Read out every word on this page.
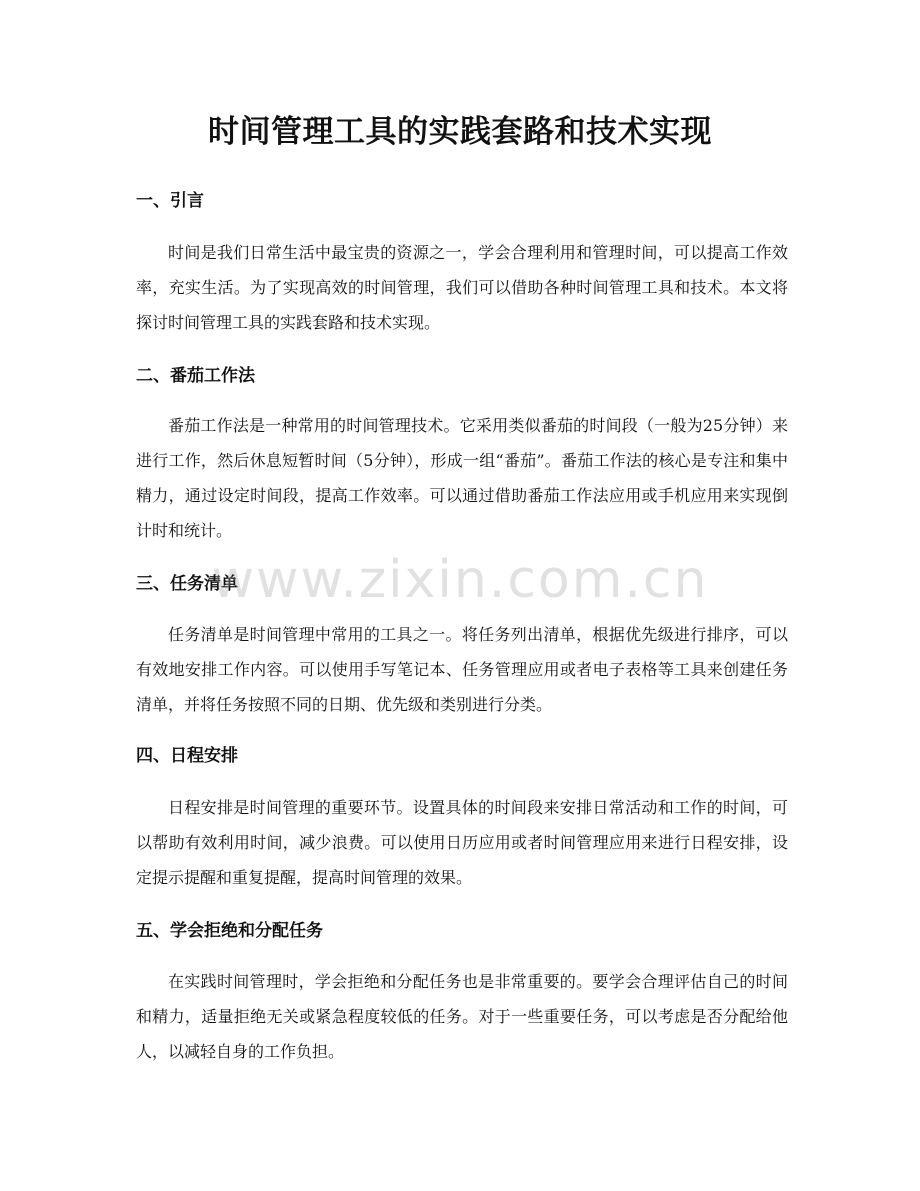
时间管理工具的实践套路和技术实现
一、引言

时间是我们日常生活中最宝贵的资源之一，学会合理利用和管理时间，可以提高工作效率，充实生活。为了实现高效的时间管理，我们可以借助各种时间管理工具和技术。本文将探讨时间管理工具的实践套路和技术实现。

二、番茄工作法

番茄工作法是一种常用的时间管理技术。它采用类似番茄的时间段（一般为25分钟）来进行工作，然后休息短暂时间（5分钟），形成一组“番茄”。番茄工作法的核心是专注和集中精力，通过设定时间段，提高工作效率。可以通过借助番茄工作法应用或手机应用来实现倒计时和统计。

三、任务清单

任务清单是时间管理中常用的工具之一。将任务列出清单，根据优先级进行排序，可以有效地安排工作内容。可以使用手写笔记本、任务管理应用或者电子表格等工具来创建任务清单，并将任务按照不同的日期、优先级和类别进行分类。

四、日程安排

日程安排是时间管理的重要环节。设置具体的时间段来安排日常活动和工作的时间，可以帮助有效利用时间，减少浪费。可以使用日历应用或者时间管理应用来进行日程安排，设定提示提醒和重复提醒，提高时间管理的效果。

五、学会拒绝和分配任务

在实践时间管理时，学会拒绝和分配任务也是非常重要的。要学会合理评估自己的时间和精力，适量拒绝无关或紧急程度较低的任务。对于一些重要任务，可以考虑是否分配给他人，以减轻自身的工作负担。

www.zixin.com.cn
